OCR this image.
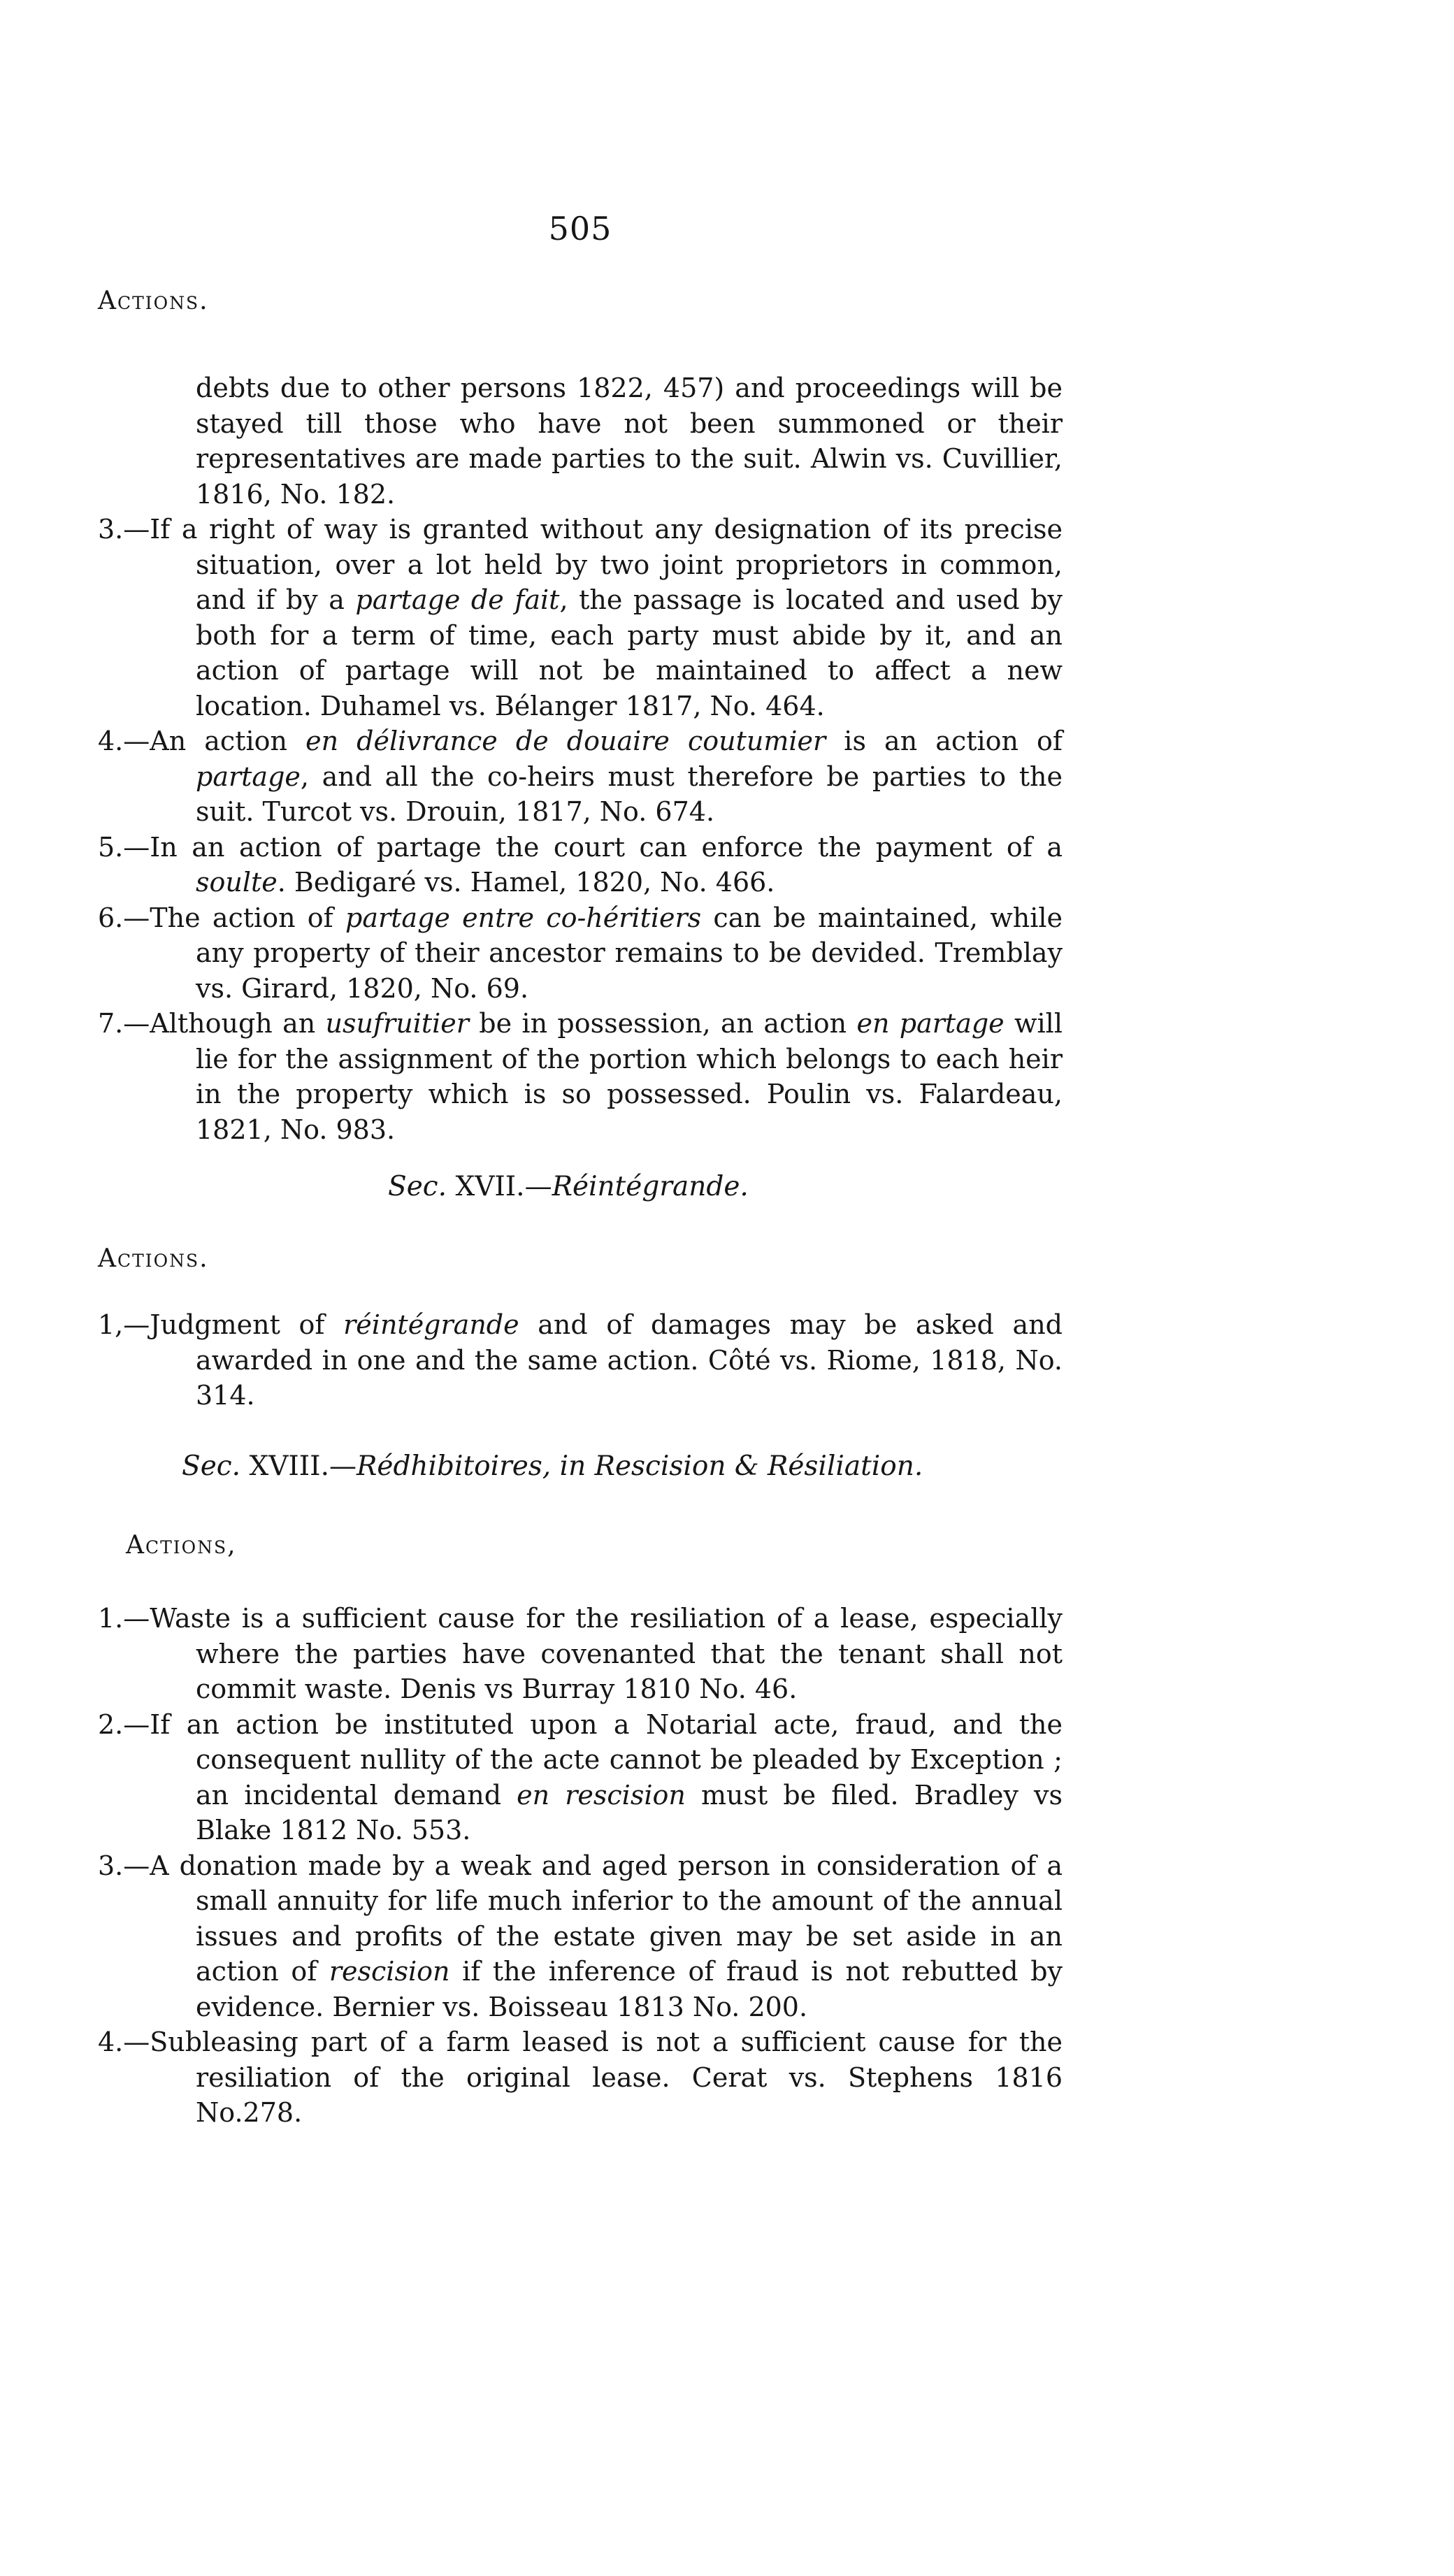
505
Actions.
debts due to other persons 1822, 457) and proceedings will be stayed till those who have not been summoned or their representatives are made parties to the suit. Alwin vs. Cuvillier, 1816, No. 182.
3.—If a right of way is granted without any designation of its precise situation, over a lot held by two joint proprietors in common, and if by a partage de fait, the passage is located and used by both for a term of time, each party must abide by it, and an action of partage will not be maintained to affect a new location. Duhamel vs. Bélanger 1817, No. 464.
4.—An action en délivrance de douaire coutumier is an action of partage, and all the co-heirs must therefore be parties to the suit. Turcot vs. Drouin, 1817, No. 674.
5.—In an action of partage the court can enforce the payment of a soulte. Bedigaré vs. Hamel, 1820, No. 466.
6.—The action of partage entre co-héritiers can be maintained, while any property of their ancestor remains to be devided. Tremblay vs. Girard, 1820, No. 69.
7.—Although an usufruitier be in possession, an action en partage will lie for the assignment of the portion which belongs to each heir in the property which is so possessed. Poulin vs. Falardeau, 1821, No. 983.
Sec. XVII.—Réintégrande.
Actions.
1,—Judgment of réintégrande and of damages may be asked and awarded in one and the same action. Côté vs. Riome, 1818, No. 314.
Sec. XVIII.—Rédhibitoires, in Rescision & Résiliation.
Actions,
1.—Waste is a sufficient cause for the resiliation of a lease, especially where the parties have covenanted that the tenant shall not commit waste. Denis vs Burray 1810 No. 46.
2.—If an action be instituted upon a Notarial acte, fraud, and the consequent nullity of the acte cannot be pleaded by Exception ; an incidental demand en rescision must be filed. Bradley vs Blake 1812 No. 553.
3.—A donation made by a weak and aged person in consideration of a small annuity for life much inferior to the amount of the annual issues and profits of the estate given may be set aside in an action of rescision if the inference of fraud is not rebutted by evidence. Bernier vs. Boisseau 1813 No. 200.
4.—Subleasing part of a farm leased is not a sufficient cause for the resiliation of the original lease. Cerat vs. Stephens 1816 No.278.
